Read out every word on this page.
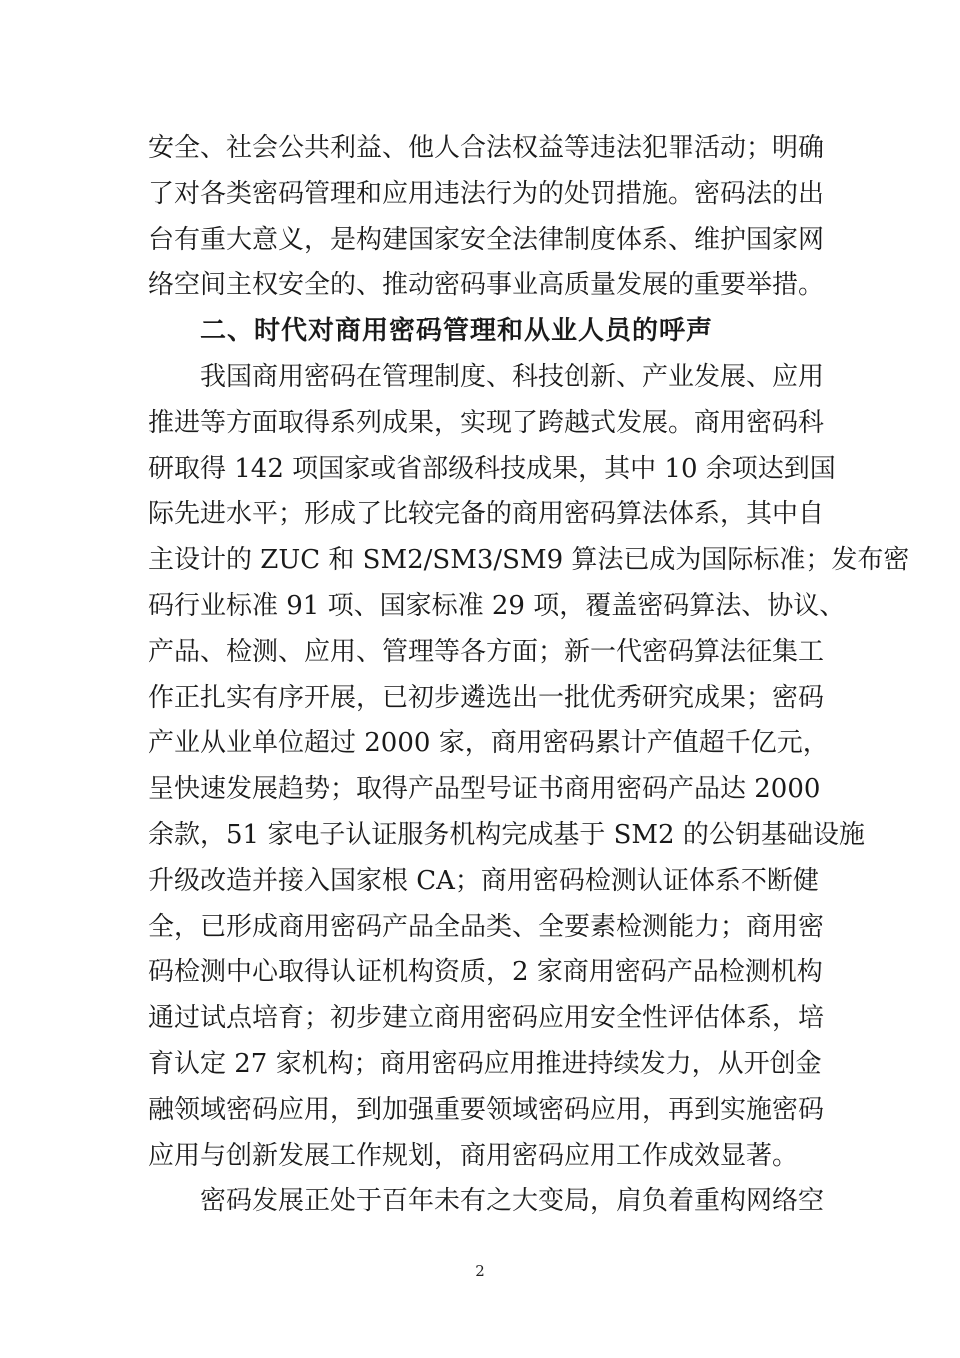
安全、社会公共利益、他人合法权益等违法犯罪活动；明确
了对各类密码管理和应用违法行为的处罚措施。密码法的出
台有重大意义，是构建国家安全法律制度体系、维护国家网
络空间主权安全的、推动密码事业高质量发展的重要举措。
二、时代对商用密码管理和从业人员的呼声
我国商用密码在管理制度、科技创新、产业发展、应用
推进等方面取得系列成果，实现了跨越式发展。商用密码科
研取得 142 项国家或省部级科技成果，其中 10 余项达到国
际先进水平；形成了比较完备的商用密码算法体系，其中自
主设计的 ZUC 和 SM2/SM3/SM9 算法已成为国际标准；发布密
码行业标准 91 项、国家标准 29 项，覆盖密码算法、协议、
产品、检测、应用、管理等各方面；新一代密码算法征集工
作正扎实有序开展，已初步遴选出一批优秀研究成果；密码
产业从业单位超过 2000 家，商用密码累计产值超千亿元，
呈快速发展趋势；取得产品型号证书商用密码产品达 2000
余款，51 家电子认证服务机构完成基于 SM2 的公钥基础设施
升级改造并接入国家根 CA；商用密码检测认证体系不断健
全，已形成商用密码产品全品类、全要素检测能力；商用密
码检测中心取得认证机构资质，2 家商用密码产品检测机构
通过试点培育；初步建立商用密码应用安全性评估体系，培
育认定 27 家机构；商用密码应用推进持续发力，从开创金
融领域密码应用，到加强重要领域密码应用，再到实施密码
应用与创新发展工作规划，商用密码应用工作成效显著。
密码发展正处于百年未有之大变局，肩负着重构网络空
2
